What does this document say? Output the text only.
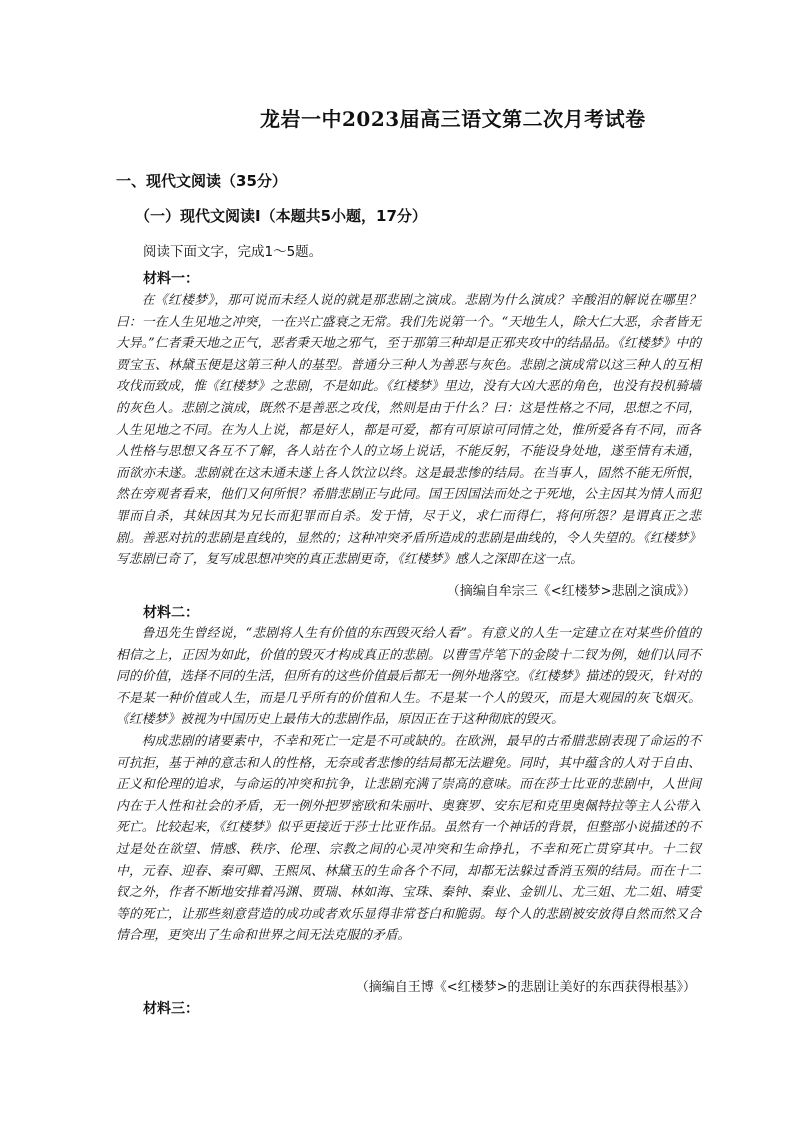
龙岩一中2023届高三语文第二次月考试卷
一、现代文阅读（35分）
（一）现代文阅读Ⅰ（本题共5小题，17分）
阅读下面文字，完成1～5题。
材料一：

在《红楼梦》，那可说而未经人说的就是那悲剧之演成。悲剧为什么演成？辛酸泪的解说在哪里？曰：一在人生见地之冲突，一在兴亡盛衰之无常。我们先说第一个。“天地生人，除大仁大恶，余者皆无大异。”仁者秉天地之正气，恶者秉天地之邪气，至于那第三种却是正邪夹攻中的结晶品。《红楼梦》中的贾宝玉、林黛玉便是这第三种人的基型。普通分三种人为善恶与灰色。悲剧之演成常以这三种人的互相攻伐而致成，惟《红楼梦》之悲剧，不是如此。《红楼梦》里边，没有大凶大恶的角色，也没有投机骑墙的灰色人。悲剧之演成，既然不是善恶之攻伐，然则是由于什么？曰：这是性格之不同，思想之不同，人生见地之不同。在为人上说，都是好人，都是可爱，都有可原谅可同情之处，惟所爱各有不同，而各人性格与思想又各互不了解，各人站在个人的立场上说话，不能反躬，不能设身处地，遂至情有未通，而欲亦未遂。悲剧就在这未通未遂上各人饮泣以终。这是最悲惨的结局。在当事人，固然不能无所恨，然在旁观者看来，他们又何所恨？希腊悲剧正与此同。国王因国法而处之于死地，公主因其为情人而犯罪而自杀，其妹因其为兄长而犯罪而自杀。发于情，尽于义，求仁而得仁，将何所怨？是谓真正之悲剧。善恶对抗的悲剧是直线的，显然的；这种冲突矛盾所造成的悲剧是曲线的，令人失望的。《红楼梦》写悲剧已奇了，复写成思想冲突的真正悲剧更奇，《红楼梦》感人之深即在这一点。

（摘编自牟宗三《<红楼梦>悲剧之演成》）
材料二：

鲁迅先生曾经说，“悲剧将人生有价值的东西毁灭给人看”。有意义的人生一定建立在对某些价值的相信之上，正因为如此，价值的毁灭才构成真正的悲剧。以曹雪芹笔下的金陵十二钗为例，她们认同不同的价值，选择不同的生活，但所有的这些价值最后都无一例外地落空。《红楼梦》描述的毁灭，针对的不是某一种价值或人生，而是几乎所有的价值和人生。不是某一个人的毁灭，而是大观园的灰飞烟灭。《红楼梦》被视为中国历史上最伟大的悲剧作品，原因正在于这种彻底的毁灭。

构成悲剧的诸要素中，不幸和死亡一定是不可或缺的。在欧洲，最早的古希腊悲剧表现了命运的不可抗拒，基于神的意志和人的性格，无奈或者悲惨的结局都无法避免。同时，其中蕴含的人对于自由、正义和伦理的追求，与命运的冲突和抗争，让悲剧充满了崇高的意味。而在莎士比亚的悲剧中，人世间内在于人性和社会的矛盾，无一例外把罗密欧和朱丽叶、奥赛罗、安东尼和克里奥佩特拉等主人公带入死亡。比较起来，《红楼梦》似乎更接近于莎士比亚作品。虽然有一个神话的背景，但整部小说描述的不过是处在欲望、情感、秩序、伦理、宗教之间的心灵冲突和生命挣扎，不幸和死亡贯穿其中。十二钗中，元春、迎春、秦可卿、王熙凤、林黛玉的生命各个不同，却都无法躲过香消玉殒的结局。而在十二钗之外，作者不断地安排着冯渊、贾瑞、林如海、宝珠、秦钟、秦业、金钏儿、尤三姐、尤二姐、晴雯等的死亡，让那些刻意营造的成功或者欢乐显得非常苍白和脆弱。每个人的悲剧被安放得自然而然又合情合理，更突出了生命和世界之间无法克服的矛盾。

（摘编自王博《<红楼梦>的悲剧让美好的东西获得根基》）
材料三：
